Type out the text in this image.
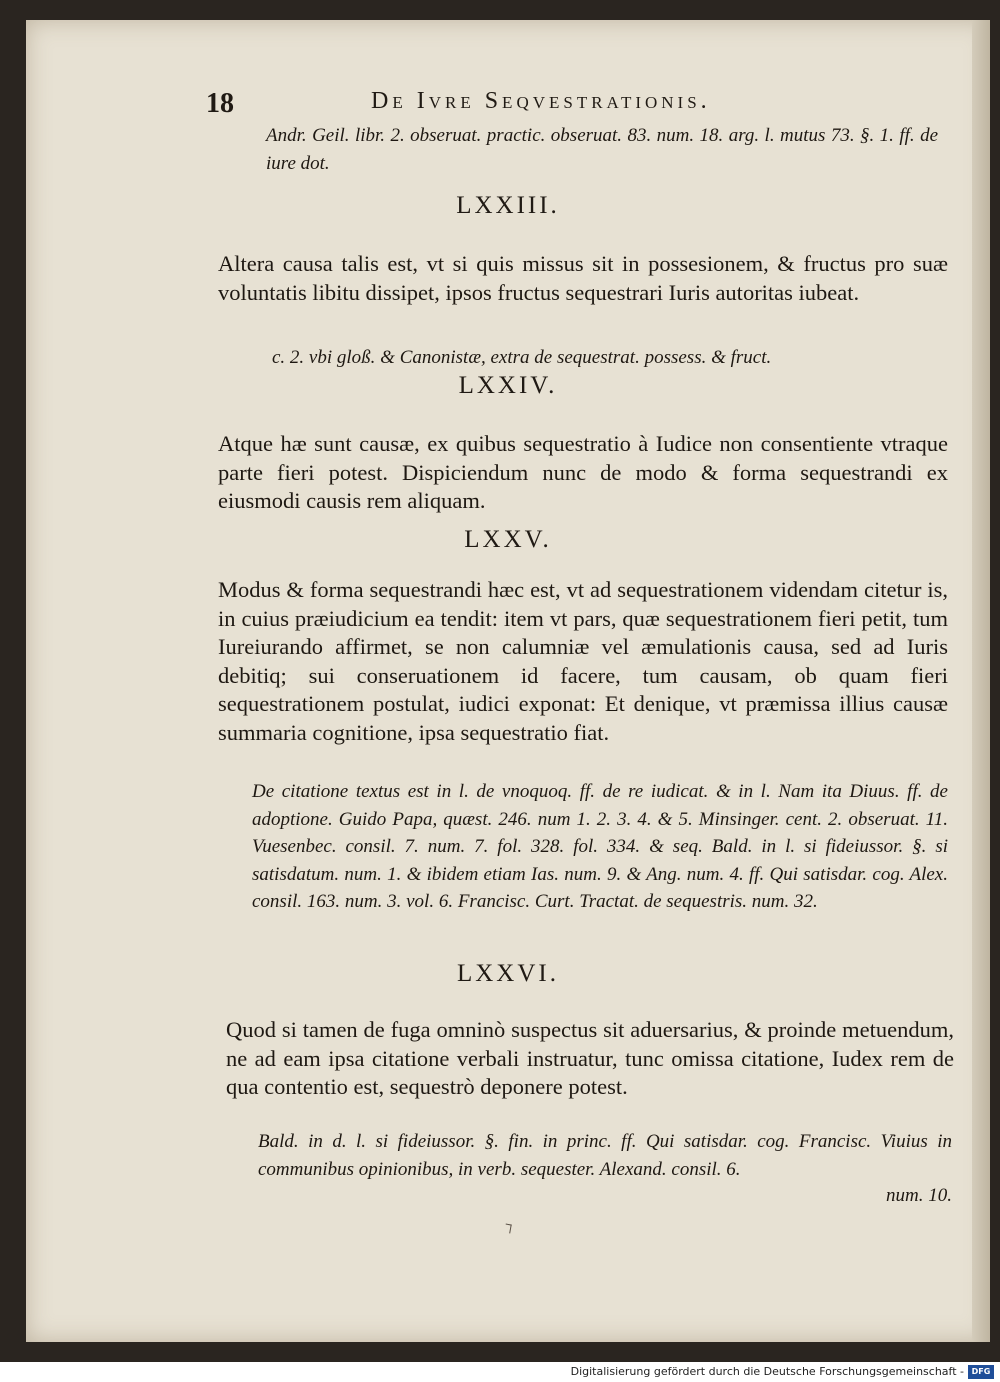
18	De Ivre Seqvestrationis.

Andr. Geil. libr. 2. obseruat. practic. obseruat. 83. num. 18. arg. l. mutus 73. §. 1. ff. de iure dot.

LXXIII.

Altera causa talis est, vt si quis missus sit in possesionem, & fructus pro suæ voluntatis libitu dissipet, ipsos fructus sequestrari Iuris autoritas iubeat.

c. 2. vbi gloß. & Canonistæ, extra de sequestrat. possess. & fruct.

LXXIV.

Atque hæ sunt causæ, ex quibus sequestratio à Iudice non consentiente vtraque parte fieri potest. Dispiciendum nunc de modo & forma sequestrandi ex eiusmodi causis rem aliquam.

LXXV.

Modus & forma sequestrandi hæc est, vt ad sequestrationem videndam citetur is, in cuius præiudicium ea tendit: item vt pars, quæ sequestrationem fieri petit, tum Iureiurando affirmet, se non calumniæ vel æmulationis causa, sed ad Iuris debitiq; sui conseruationem id facere, tum causam, ob quam fieri sequestrationem postulat, iudici exponat: Et denique, vt præmissa illius causæ summaria cognitione, ipsa sequestratio fiat.

De citatione textus est in l. de vnoquoq. ff. de re iudicat. & in l. Nam ita Diuus. ff. de adoptione. Guido Papa, quæst. 246. num 1. 2. 3. 4. & 5. Minsinger. cent. 2. obseruat. 11. Vuesenbec. consil. 7. num. 7. fol. 328. fol. 334. & seq. Bald. in l. si fideiussor. §. si satisdatum. num. 1. & ibidem etiam Ias. num. 9. & Ang. num. 4. ff. Qui satisdar. cog. Alex. consil. 163. num. 3. vol. 6. Francisc. Curt. Tractat. de sequestris. num. 32.

LXXVI.

Quod si tamen de fuga omninò suspectus sit aduersarius, & proinde metuendum, ne ad eam ipsa citatione verbali instruatur, tunc omissa citatione, Iudex rem de qua contentio est, sequestrò deponere potest.

Bald. in d. l. si fideiussor. §. fin. in princ. ff. Qui satisdar. cog. Francisc. Viuius in communibus opinionibus, in verb. sequester. Alexand. consil. 6.

num. 10.

Digitalisierung gefördert durch die Deutsche Forschungsgemeinschaft - DFG
